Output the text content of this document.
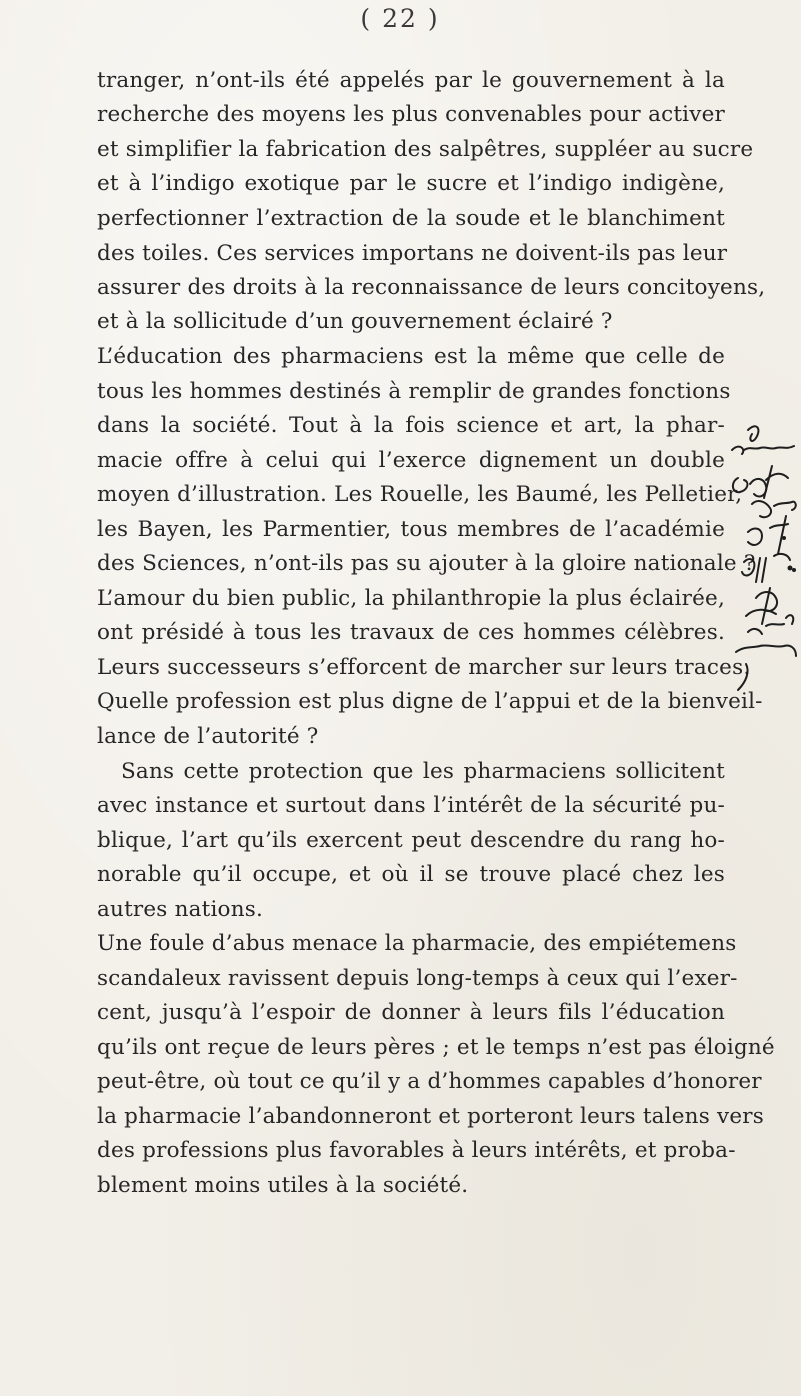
( 22 )
tranger, n’ont-ils été appelés par le gouvernement à la
recherche des moyens les plus convenables pour activer
et simplifier la fabrication des salpêtres, suppléer au sucre
et à l’indigo exotique par le sucre et l’indigo indigène,
perfectionner l’extraction de la soude et le blanchiment
des toiles. Ces services importans ne doivent-ils pas leur
assurer des droits à la reconnaissance de leurs concitoyens,
et à la sollicitude d’un gouvernement éclairé ?
L’éducation des pharmaciens est la même que celle de
tous les hommes destinés à remplir de grandes fonctions
dans la société. Tout à la fois science et art, la phar-
macie offre à celui qui l’exerce dignement un double
moyen d’illustration. Les Rouelle, les Baumé, les Pelletier,
les Bayen, les Parmentier, tous membres de l’académie
des Sciences, n’ont-ils pas su ajouter à la gloire nationale ?
L’amour du bien public, la philanthropie la plus éclairée,
ont présidé à tous les travaux de ces hommes célèbres.
Leurs successeurs s’efforcent de marcher sur leurs traces.
Quelle profession est plus digne de l’appui et de la bienveil-
lance de l’autorité ?
Sans cette protection que les pharmaciens sollicitent
avec instance et surtout dans l’intérêt de la sécurité pu-
blique, l’art qu’ils exercent peut descendre du rang ho-
norable qu’il occupe, et où il se trouve placé chez les
autres nations.
Une foule d’abus menace la pharmacie, des empiétemens
scandaleux ravissent depuis long-temps à ceux qui l’exer-
cent, jusqu’à l’espoir de donner à leurs fils l’éducation
qu’ils ont reçue de leurs pères ; et le temps n’est pas éloigné
peut-être, où tout ce qu’il y a d’hommes capables d’honorer
la pharmacie l’abandonneront et porteront leurs talens vers
des professions plus favorables à leurs intérêts, et proba-
blement moins utiles à la société.
